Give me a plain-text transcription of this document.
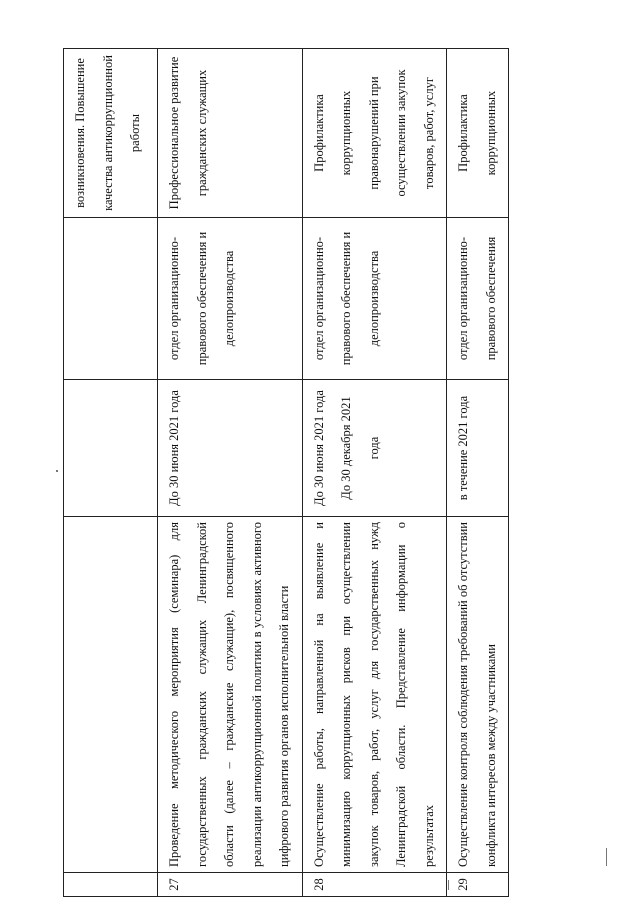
				возникновения. Повышение качества антикоррупционной работы
27	Проведение методического мероприятия (семинара) для государственных гражданских служащих Ленинградской области (далее – гражданские служащие), посвященного реализации антикоррупционной политики в условиях активного цифрового развития органов исполнительной власти	До 30 июня 2021 года	отдел организационно-правового обеспечения и делопроизводства	Профессиональное развитие гражданских служащих
28	Осуществление работы, направленной на выявление и минимизацию коррупционных рисков при осуществлении закупок товаров, работ, услуг для государственных нужд Ленинградской области. Представление информации о результатах	До 30 июня 2021 года До 30 декабря 2021 года	отдел организационно-правового обеспечения и делопроизводства	Профилактика коррупционных правонарушений при осуществлении закупок товаров, работ, услуг
29	Осуществление контроля соблюдения требований об отсутствии конфликта интересов между участниками	в течение 2021 года	отдел организационно-правового обеспечения	Профилактика коррупционных
